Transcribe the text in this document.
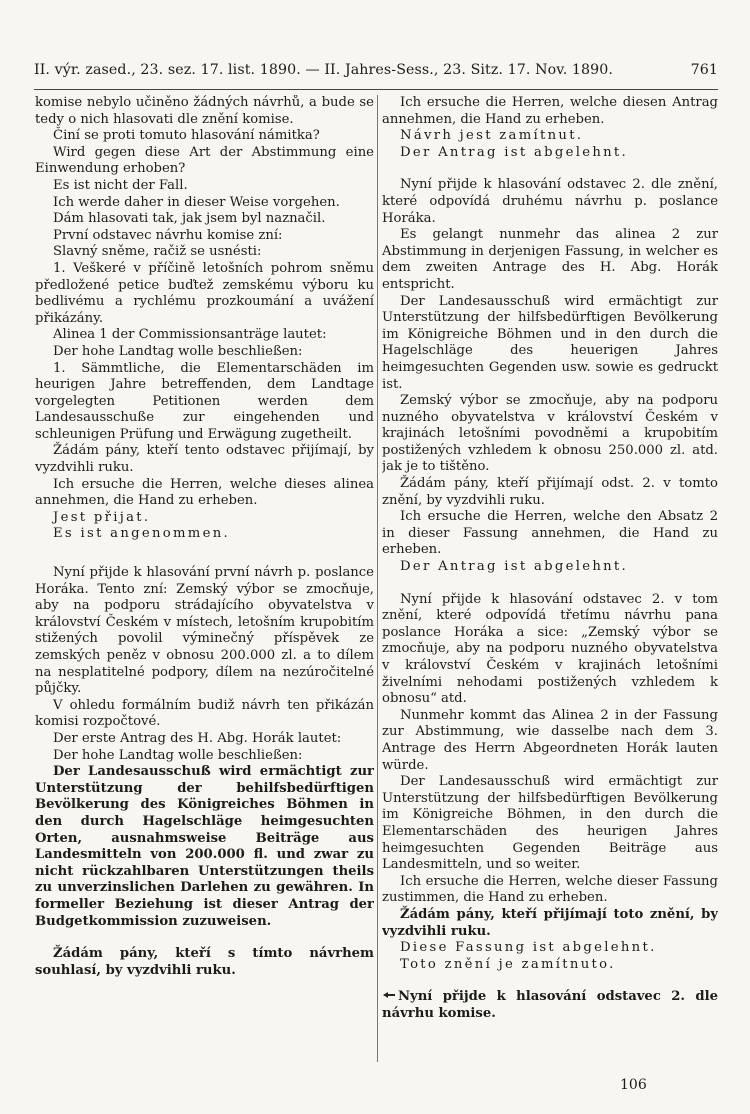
II. výr. zased., 23. sez. 17. list. 1890. — II. Jahres-Sess., 23. Sitz. 17. Nov. 1890.	761

komise nebylo učiněno žádných návrhů, a bude se tedy o nich hlasovati dle znění komise.

Činí se proti tomuto hlasování námitka?

Wird gegen diese Art der Abstimmung eine Einwendung erhoben?

Es ist nicht der Fall.

Ich werde daher in dieser Weise vorgehen.

Dám hlasovati tak, jak jsem byl naznačil.

První odstavec návrhu komise zní:

Slavný sněme, račiž se usnésti:

1. Veškeré v příčině letošních pohrom sněmu předložené petice buďtež zemskému výboru ku bedlivému a rychlému prozkoumání a uvážení přikázány.

Alinea 1 der Commissionsanträge lautet:

Der hohe Landtag wolle beschließen:

1. Sämmtliche, die Elementarschäden im heurigen Jahre betreffenden, dem Landtage vorgelegten Petitionen werden dem Landesausschuße zur eingehenden und schleunigen Prüfung und Erwägung zugetheilt.

Žádám pány, kteří tento odstavec přijímají, by vyzdvihli ruku.

Ich ersuche die Herren, welche dieses alinea annehmen, die Hand zu erheben.

Jest přijat.

Es ist angenommen.

Nyní přijde k hlasování první návrh p. poslance Horáka. Tento zní: Zemský výbor se zmocňuje, aby na podporu strádajícího obyvatelstva v království Českém v místech, letošním krupobitím stižených povolil výminečný příspěvek ze zemských peněz v obnosu 200.000 zl. a to dílem na nesplatitelné podpory, dílem na nezúročitelné půjčky.

V ohledu formálním budiž návrh ten přikázán komisi rozpočtové.

Der erste Antrag des H. Abg. Horák lautet:

Der hohe Landtag wolle beschließen:

Der Landesausschuß wird ermächtigt zur Unterstützung der behilfsbedürftigen Bevölkerung des Königreiches Böhmen in den durch Hagelschläge heimgesuchten Orten, ausnahmsweise Beiträge aus Landesmitteln von 200.000 fl. und zwar zu nicht rückzahlbaren Unterstützungen theils zu unverzinslichen Darlehen zu gewähren. In formeller Beziehung ist dieser Antrag der Budgetkommission zuzuweisen.

Žádám pány, kteří s tímto návrhem souhlasí, by vyzdvihli ruku.

Ich ersuche die Herren, welche diesen Antrag annehmen, die Hand zu erheben.

Návrh jest zamítnut.

Der Antrag ist abgelehnt.

Nyní přijde k hlasování odstavec 2. dle znění, které odpovídá druhému návrhu p. poslance Horáka.

Es gelangt nunmehr das alinea 2 zur Abstimmung in derjenigen Fassung, in welcher es dem zweiten Antrage des H. Abg. Horák entspricht.

Der Landesausschuß wird ermächtigt zur Unterstützung der hilfsbedürftigen Bevölkerung im Königreiche Böhmen und in den durch die Hagelschläge des heuerigen Jahres heimgesuchten Gegenden usw. sowie es gedruckt ist.

Zemský výbor se zmocňuje, aby na podporu nuzného obyvatelstva v království Českém v krajinách letošními povodněmi a krupobitím postižených vzhledem k obnosu 250.000 zl. atd. jak je to tištěno.

Žádám pány, kteří přijímají odst. 2. v tomto znění, by vyzdvihli ruku.

Ich ersuche die Herren, welche den Absatz 2 in dieser Fassung annehmen, die Hand zu erheben.

Der Antrag ist abgelehnt.

Nyní přijde k hlasování odstavec 2. v tom znění, které odpovídá třetímu návrhu pana poslance Horáka a sice: „Zemský výbor se zmocňuje, aby na podporu nuzného obyvatelstva v království Českém v krajinách letošními živelními nehodami postižených vzhledem k obnosu“ atd.

Nunmehr kommt das Alinea 2 in der Fassung zur Abstimmung, wie dasselbe nach dem 3. Antrage des Herrn Abgeordneten Horák lauten würde.

Der Landesausschuß wird ermächtigt zur Unterstützung der hilfsbedürftigen Bevölkerung im Königreiche Böhmen, in den durch die Elementarschäden des heurigen Jahres heimgesuchten Gegenden Beiträge aus Landesmitteln, und so weiter.

Ich ersuche die Herren, welche dieser Fassung zustimmen, die Hand zu erheben.

Žádám pány, kteří přijímají toto znění, by vyzdvihli ruku.

Diese Fassung ist abgelehnt.

Toto znění je zamítnuto.

Nyní přijde k hlasování odstavec 2. dle návrhu komise.

106
